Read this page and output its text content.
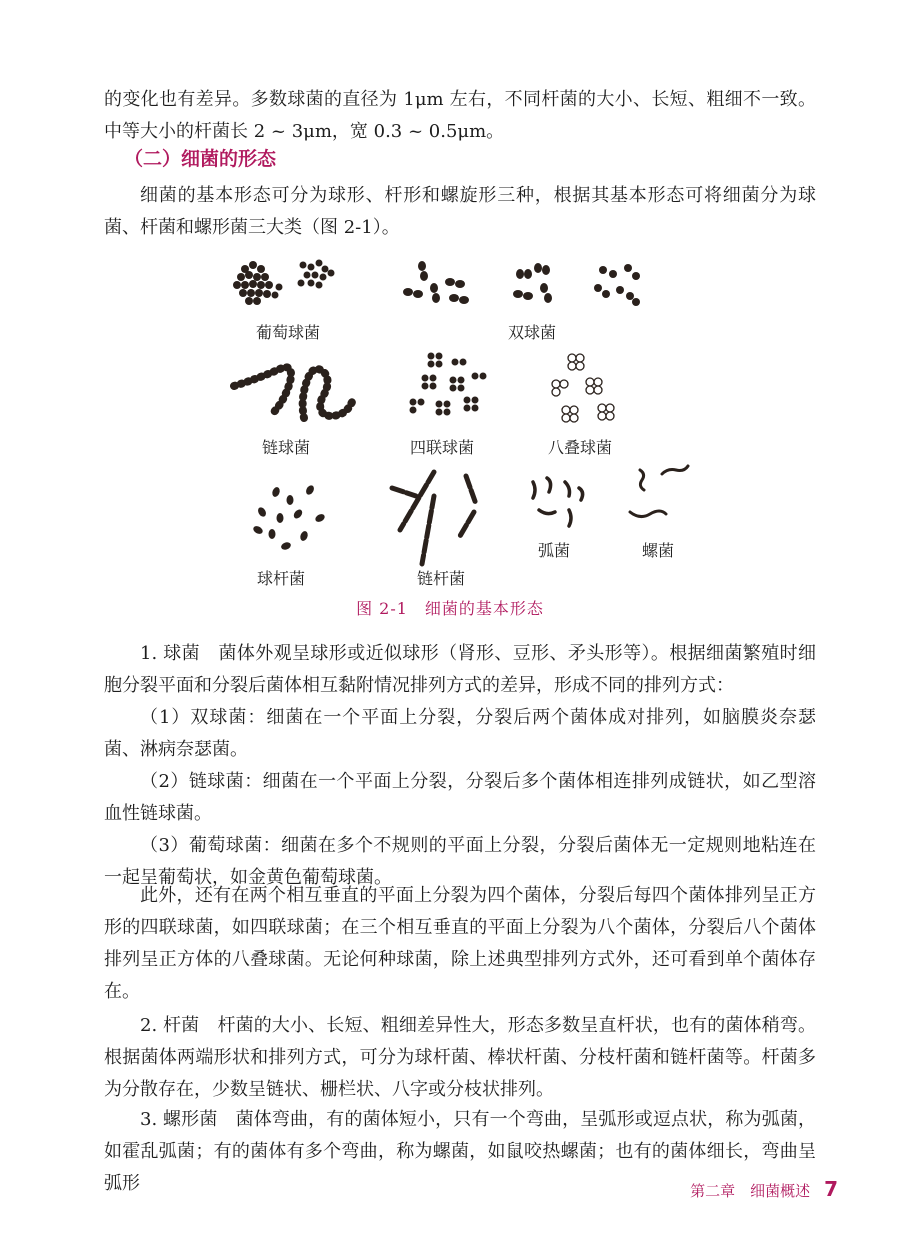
的变化也有差异。多数球菌的直径为 1μm 左右，不同杆菌的大小、长短、粗细不一致。中等大小的杆菌长 2 ~ 3μm，宽 0.3 ~ 0.5μm。

（二）细菌的形态

细菌的基本形态可分为球形、杆形和螺旋形三种，根据其基本形态可将细菌分为球菌、杆菌和螺形菌三大类（图 2-1）。

葡萄球菌	双球菌
链球菌	四联球菌	八叠球菌
球杆菌	链杆菌
弧菌	螺菌
图 2-1　细菌的基本形态

1. 球菌　菌体外观呈球形或近似球形（肾形、豆形、矛头形等）。根据细菌繁殖时细胞分裂平面和分裂后菌体相互黏附情况排列方式的差异，形成不同的排列方式：

（1）双球菌：细菌在一个平面上分裂，分裂后两个菌体成对排列，如脑膜炎奈瑟菌、淋病奈瑟菌。

（2）链球菌：细菌在一个平面上分裂，分裂后多个菌体相连排列成链状，如乙型溶血性链球菌。

（3）葡萄球菌：细菌在多个不规则的平面上分裂，分裂后菌体无一定规则地粘连在一起呈葡萄状，如金黄色葡萄球菌。

此外，还有在两个相互垂直的平面上分裂为四个菌体，分裂后每四个菌体排列呈正方形的四联球菌，如四联球菌；在三个相互垂直的平面上分裂为八个菌体，分裂后八个菌体排列呈正方体的八叠球菌。无论何种球菌，除上述典型排列方式外，还可看到单个菌体存在。

2. 杆菌　杆菌的大小、长短、粗细差异性大，形态多数呈直杆状，也有的菌体稍弯。根据菌体两端形状和排列方式，可分为球杆菌、棒状杆菌、分枝杆菌和链杆菌等。杆菌多为分散存在，少数呈链状、栅栏状、八字或分枝状排列。

3. 螺形菌　菌体弯曲，有的菌体短小，只有一个弯曲，呈弧形或逗点状，称为弧菌，如霍乱弧菌；有的菌体有多个弯曲，称为螺菌，如鼠咬热螺菌；也有的菌体细长，弯曲呈弧形	第二章　细菌概述 7
